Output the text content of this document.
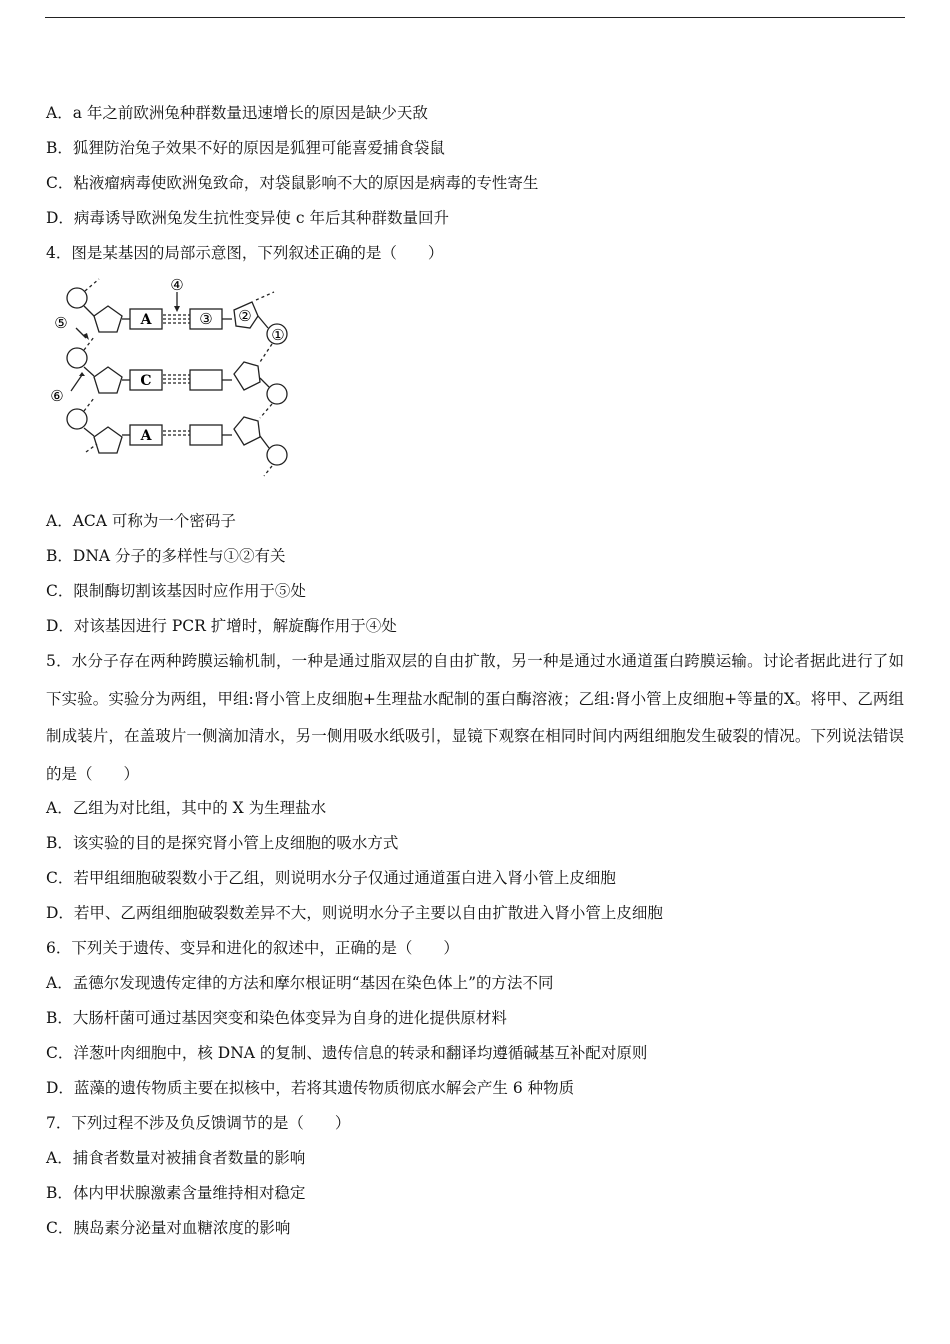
A．a 年之前欧洲兔种群数量迅速增长的原因是缺少天敌
B．狐狸防治兔子效果不好的原因是狐狸可能喜爱捕食袋鼠
C．粘液瘤病毒使欧洲兔致命，对袋鼠影响不大的原因是病毒的专性寄生
D．病毒诱导欧洲兔发生抗性变异使 c 年后其种群数量回升
4．图是某基因的局部示意图，下列叙述正确的是（　　）
A
C
A
③
④
②
①
⑤
⑥
A．ACA 可称为一个密码子
B．DNA 分子的多样性与①②有关
C．限制酶切割该基因时应作用于⑤处
D．对该基因进行 PCR 扩增时，解旋酶作用于④处
5．水分子存在两种跨膜运输机制，一种是通过脂双层的自由扩散，另一种是通过水通道蛋白跨膜运输。讨论者据此进行了如下实验。实验分为两组，甲组:肾小管上皮细胞+生理盐水配制的蛋白酶溶液；乙组:肾小管上皮细胞+等量的X。将甲、乙两组制成装片，在盖玻片一侧滴加清水，另一侧用吸水纸吸引，显镜下观察在相同时间内两组细胞发生破裂的情况。下列说法错误的是（　　）
A．乙组为对比组，其中的 X 为生理盐水
B．该实验的目的是探究肾小管上皮细胞的吸水方式
C．若甲组细胞破裂数小于乙组，则说明水分子仅通过通道蛋白进入肾小管上皮细胞
D．若甲、乙两组细胞破裂数差异不大，则说明水分子主要以自由扩散进入肾小管上皮细胞
6．下列关于遗传、变异和进化的叙述中，正确的是（　　）
A．孟德尔发现遗传定律的方法和摩尔根证明“基因在染色体上”的方法不同
B．大肠杆菌可通过基因突变和染色体变异为自身的进化提供原材料
C．洋葱叶肉细胞中，核 DNA 的复制、遗传信息的转录和翻译均遵循碱基互补配对原则
D．蓝藻的遗传物质主要在拟核中，若将其遗传物质彻底水解会产生 6 种物质
7．下列过程不涉及负反馈调节的是（　　）
A．捕食者数量对被捕食者数量的影响
B．体内甲状腺激素含量维持相对稳定
C．胰岛素分泌量对血糖浓度的影响
